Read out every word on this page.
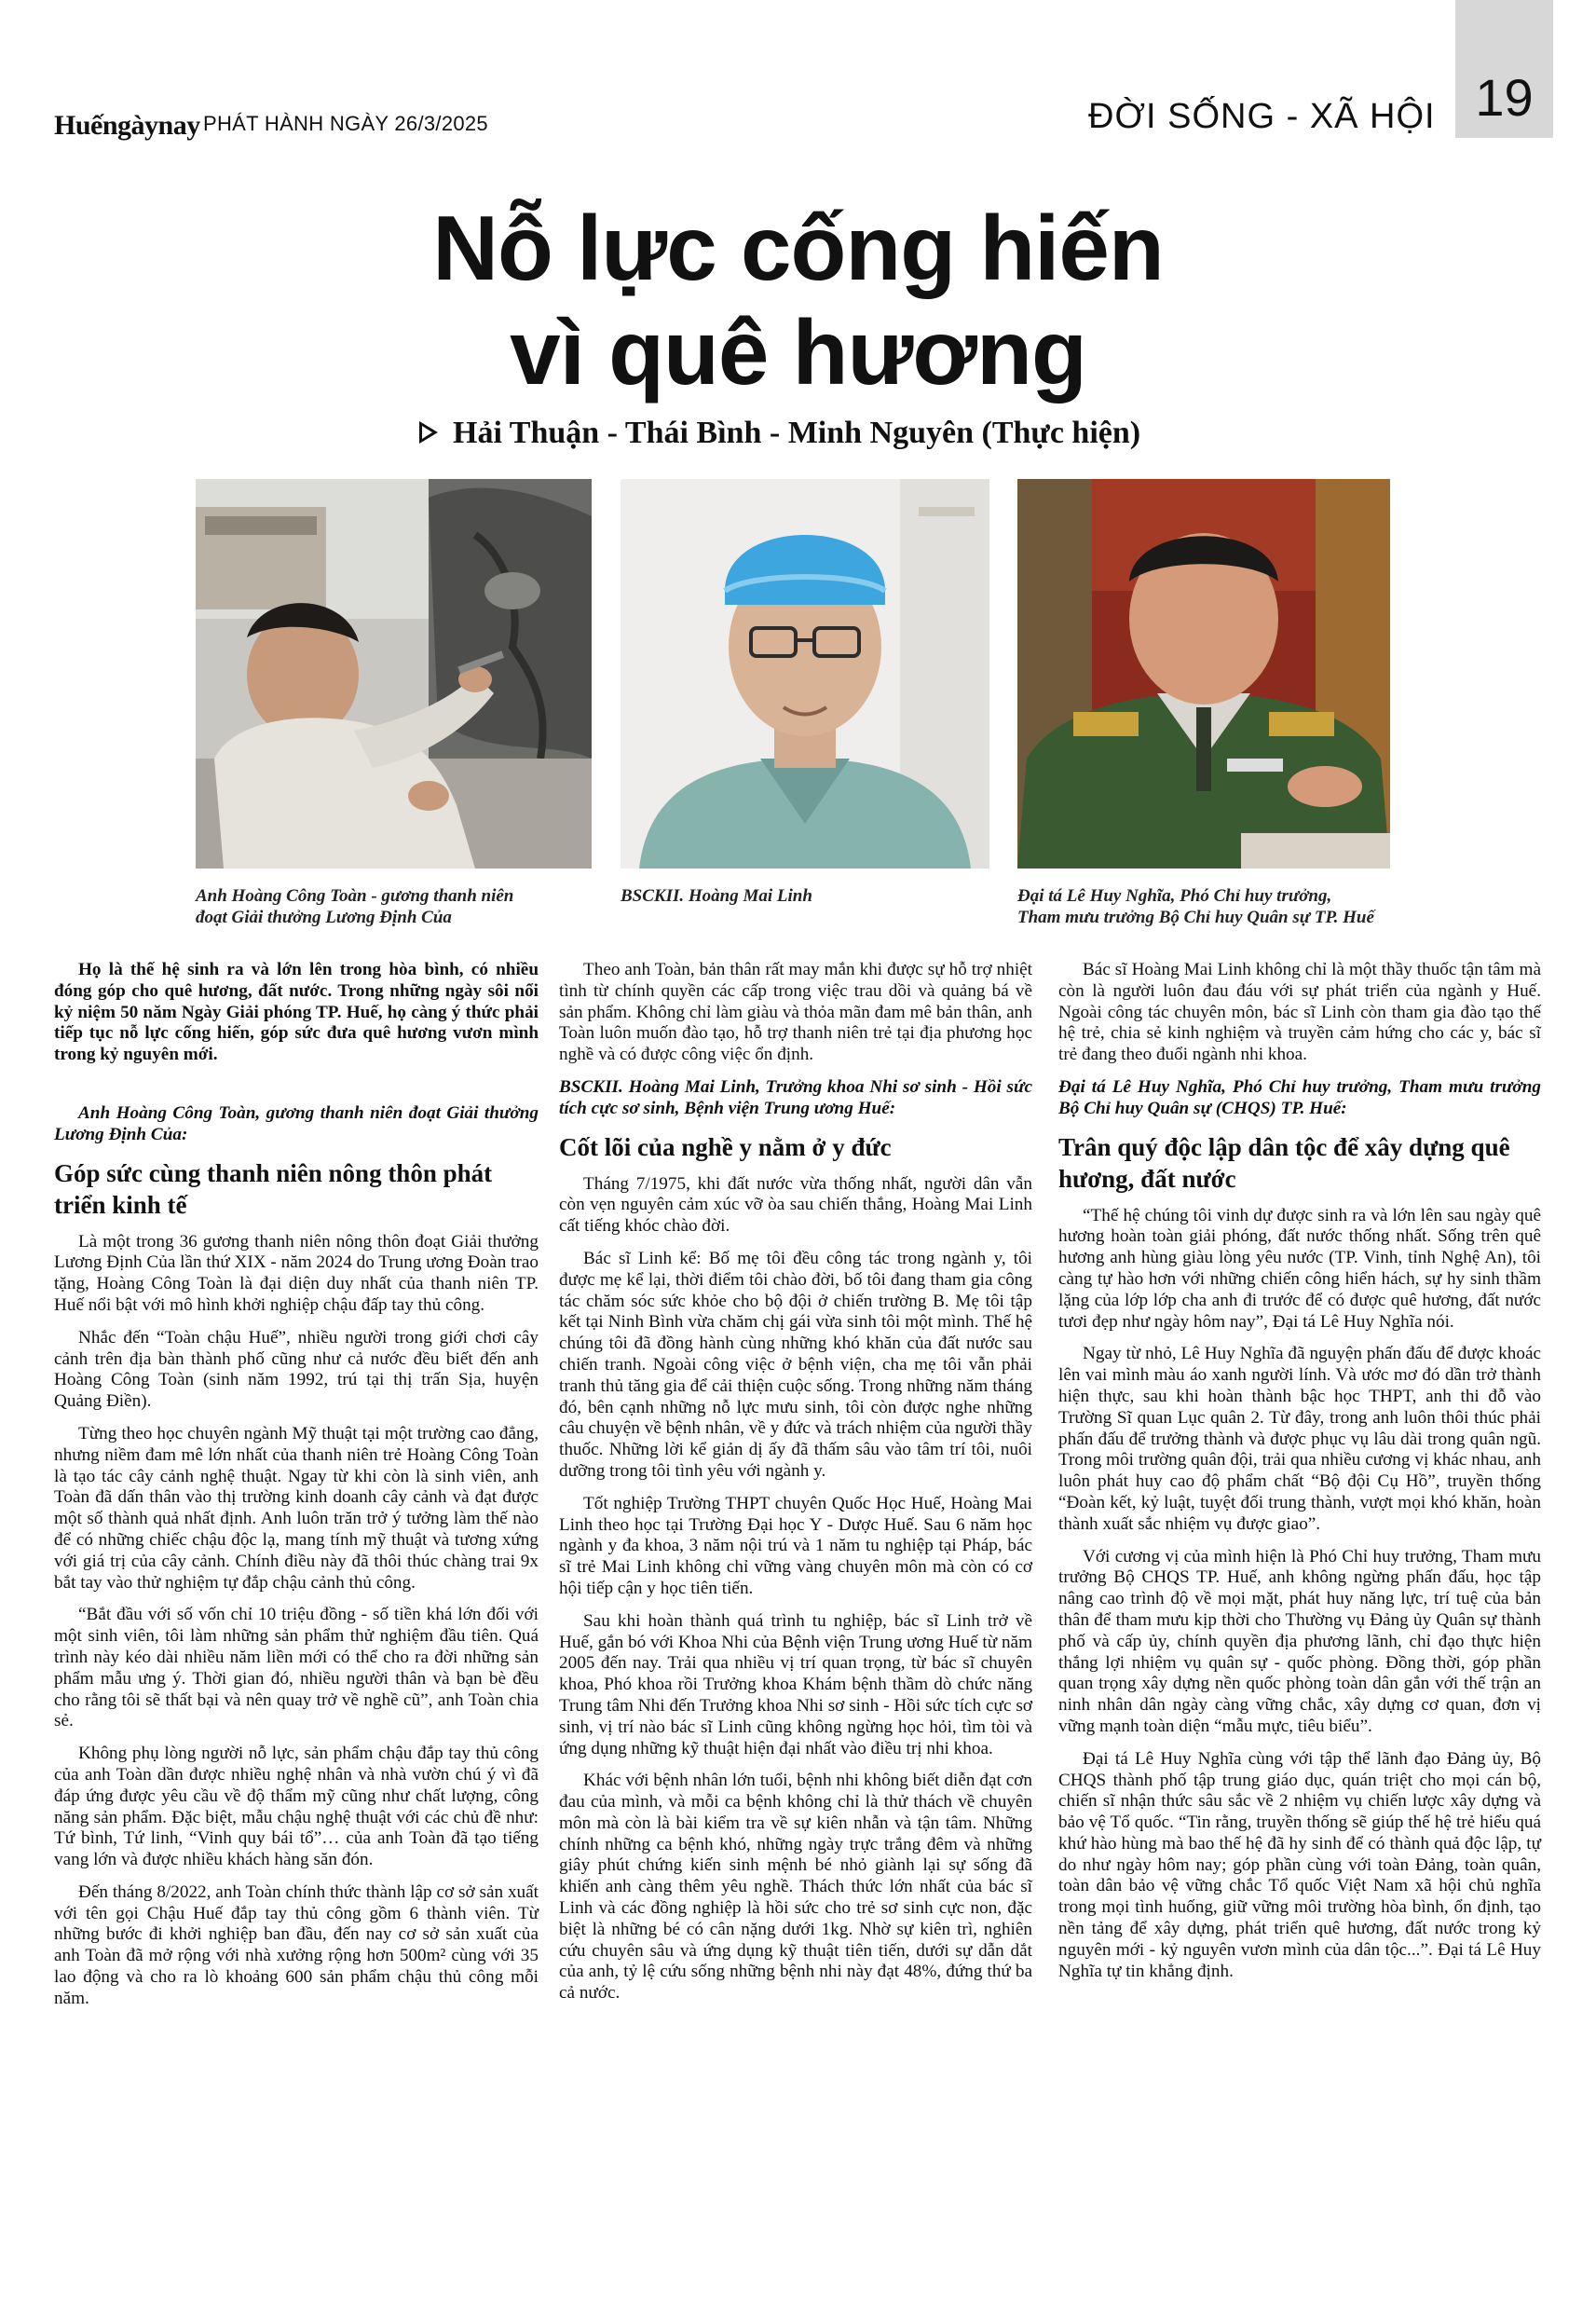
Huếngàynay PHÁT HÀNH NGÀY 26/3/2025	ĐỜI SỐNG - XÃ HỘI 19
Nỗ lực cống hiến
vì quê hương
Hải Thuận - Thái Bình - Minh Nguyên (Thực hiện)
Anh Hoàng Công Toàn - gương thanh niên
đoạt Giải thưởng Lương Định Của
BSCKII. Hoàng Mai Linh	Đại tá Lê Huy Nghĩa, Phó Chỉ huy trưởng,
Tham mưu trưởng Bộ Chỉ huy Quân sự TP. Huế

Họ là thế hệ sinh ra và lớn lên trong hòa bình, có nhiều đóng góp cho quê hương, đất nước. Trong những ngày sôi nổi kỷ niệm 50 năm Ngày Giải phóng TP. Huế, họ càng ý thức phải tiếp tục nỗ lực cống hiến, góp sức đưa quê hương vươn mình trong kỷ nguyên mới.

Anh Hoàng Công Toàn, gương thanh niên đoạt Giải thưởng Lương Định Của:

Góp sức cùng thanh niên nông thôn phát triển kinh tế

Là một trong 36 gương thanh niên nông thôn đoạt Giải thưởng Lương Định Của lần thứ XIX - năm 2024 do Trung ương Đoàn trao tặng, Hoàng Công Toàn là đại diện duy nhất của thanh niên TP. Huế nổi bật với mô hình khởi nghiệp chậu đấp tay thủ công.

Nhắc đến “Toàn chậu Huế”, nhiều người trong giới chơi cây cảnh trên địa bàn thành phố cũng như cả nước đều biết đến anh Hoàng Công Toàn (sinh năm 1992, trú tại thị trấn Sịa, huyện Quảng Điền).

Từng theo học chuyên ngành Mỹ thuật tại một trường cao đẳng, nhưng niềm đam mê lớn nhất của thanh niên trẻ Hoàng Công Toàn là tạo tác cây cảnh nghệ thuật. Ngay từ khi còn là sinh viên, anh Toàn đã dấn thân vào thị trường kinh doanh cây cảnh và đạt được một số thành quả nhất định. Anh luôn trăn trở ý tưởng làm thế nào để có những chiếc chậu độc lạ, mang tính mỹ thuật và tương xứng với giá trị của cây cảnh. Chính điều này đã thôi thúc chàng trai 9x bắt tay vào thử nghiệm tự đắp chậu cảnh thủ công.

“Bắt đầu với số vốn chỉ 10 triệu đồng - số tiền khá lớn đối với một sinh viên, tôi làm những sản phẩm thử nghiệm đầu tiên. Quá trình này kéo dài nhiều năm liền mới có thể cho ra đời những sản phẩm mẫu ưng ý. Thời gian đó, nhiều người thân và bạn bè đều cho rằng tôi sẽ thất bại và nên quay trở về nghề cũ”, anh Toàn chia sẻ.

Không phụ lòng người nỗ lực, sản phẩm chậu đắp tay thủ công của anh Toàn dần được nhiều nghệ nhân và nhà vườn chú ý vì đã đáp ứng được yêu cầu về độ thẩm mỹ cũng như chất lượng, công năng sản phẩm. Đặc biệt, mẫu chậu nghệ thuật với các chủ đề như: Tứ bình, Tứ linh, “Vinh quy bái tổ”… của anh Toàn đã tạo tiếng vang lớn và được nhiều khách hàng săn đón.

Đến tháng 8/2022, anh Toàn chính thức thành lập cơ sở sản xuất với tên gọi Chậu Huế đắp tay thủ công gồm 6 thành viên. Từ những bước đi khởi nghiệp ban đầu, đến nay cơ sở sản xuất của anh Toàn đã mở rộng với nhà xưởng rộng hơn 500m² cùng với 35 lao động và cho ra lò khoảng 600 sản phẩm chậu thủ công mỗi năm.

Theo anh Toàn, bản thân rất may mắn khi được sự hỗ trợ nhiệt tình từ chính quyền các cấp trong việc trau dồi và quảng bá về sản phẩm. Không chỉ làm giàu và thỏa mãn đam mê bản thân, anh Toàn luôn muốn đào tạo, hỗ trợ thanh niên trẻ tại địa phương học nghề và có được công việc ổn định.

BSCKII. Hoàng Mai Linh, Trưởng khoa Nhi sơ sinh - Hồi sức tích cực sơ sinh, Bệnh viện Trung ương Huế:

Cốt lõi của nghề y nằm ở y đức

Tháng 7/1975, khi đất nước vừa thống nhất, người dân vẫn còn vẹn nguyên cảm xúc vỡ òa sau chiến thắng, Hoàng Mai Linh cất tiếng khóc chào đời.

Bác sĩ Linh kể: Bố mẹ tôi đều công tác trong ngành y, tôi được mẹ kể lại, thời điểm tôi chào đời, bố tôi đang tham gia công tác chăm sóc sức khỏe cho bộ đội ở chiến trường B. Mẹ tôi tập kết tại Ninh Bình vừa chăm chị gái vừa sinh tôi một mình. Thế hệ chúng tôi đã đồng hành cùng những khó khăn của đất nước sau chiến tranh. Ngoài công việc ở bệnh viện, cha mẹ tôi vẫn phải tranh thủ tăng gia để cải thiện cuộc sống. Trong những năm tháng đó, bên cạnh những nỗ lực mưu sinh, tôi còn được nghe những câu chuyện về bệnh nhân, về y đức và trách nhiệm của người thầy thuốc. Những lời kể giản dị ấy đã thấm sâu vào tâm trí tôi, nuôi dưỡng trong tôi tình yêu với ngành y.

Tốt nghiệp Trường THPT chuyên Quốc Học Huế, Hoàng Mai Linh theo học tại Trường Đại học Y - Dược Huế. Sau 6 năm học ngành y đa khoa, 3 năm nội trú và 1 năm tu nghiệp tại Pháp, bác sĩ trẻ Mai Linh không chỉ vững vàng chuyên môn mà còn có cơ hội tiếp cận y học tiên tiến.

Sau khi hoàn thành quá trình tu nghiệp, bác sĩ Linh trở về Huế, gắn bó với Khoa Nhi của Bệnh viện Trung ương Huế từ năm 2005 đến nay. Trải qua nhiều vị trí quan trọng, từ bác sĩ chuyên khoa, Phó khoa rồi Trưởng khoa Khám bệnh thầm dò chức năng Trung tâm Nhi đến Trưởng khoa Nhi sơ sinh - Hồi sức tích cực sơ sinh, vị trí nào bác sĩ Linh cũng không ngừng học hỏi, tìm tòi và ứng dụng những kỹ thuật hiện đại nhất vào điều trị nhi khoa.

Khác với bệnh nhân lớn tuổi, bệnh nhi không biết diễn đạt cơn đau của mình, và mỗi ca bệnh không chỉ là thử thách về chuyên môn mà còn là bài kiểm tra về sự kiên nhẫn và tận tâm. Những chính những ca bệnh khó, những ngày trực trắng đêm và những giây phút chứng kiến sinh mệnh bé nhỏ giành lại sự sống đã khiến anh càng thêm yêu nghề. Thách thức lớn nhất của bác sĩ Linh và các đồng nghiệp là hồi sức cho trẻ sơ sinh cực non, đặc biệt là những bé có cân nặng dưới 1kg. Nhờ sự kiên trì, nghiên cứu chuyên sâu và ứng dụng kỹ thuật tiên tiến, dưới sự dẫn dắt của anh, tỷ lệ cứu sống những bệnh nhi này đạt 48%, đứng thứ ba cả nước.

Bác sĩ Hoàng Mai Linh không chỉ là một thầy thuốc tận tâm mà còn là người luôn đau đáu với sự phát triển của ngành y Huế. Ngoài công tác chuyên môn, bác sĩ Linh còn tham gia đào tạo thế hệ trẻ, chia sẻ kinh nghiệm và truyền cảm hứng cho các y, bác sĩ trẻ đang theo đuổi ngành nhi khoa.

Đại tá Lê Huy Nghĩa, Phó Chỉ huy trưởng, Tham mưu trưởng Bộ Chỉ huy Quân sự (CHQS) TP. Huế:

Trân quý độc lập dân tộc để xây dựng quê hương, đất nước

“Thế hệ chúng tôi vinh dự được sinh ra và lớn lên sau ngày quê hương hoàn toàn giải phóng, đất nước thống nhất. Sống trên quê hương anh hùng giàu lòng yêu nước (TP. Vinh, tỉnh Nghệ An), tôi càng tự hào hơn với những chiến công hiển hách, sự hy sinh thầm lặng của lớp lớp cha anh đi trước để có được quê hương, đất nước tươi đẹp như ngày hôm nay”, Đại tá Lê Huy Nghĩa nói.

Ngay từ nhỏ, Lê Huy Nghĩa đã nguyện phấn đấu để được khoác lên vai mình màu áo xanh người lính. Và ước mơ đó dần trở thành hiện thực, sau khi hoàn thành bậc học THPT, anh thi đỗ vào Trường Sĩ quan Lục quân 2. Từ đây, trong anh luôn thôi thúc phải phấn đấu để trưởng thành và được phục vụ lâu dài trong quân ngũ. Trong môi trường quân đội, trải qua nhiều cương vị khác nhau, anh luôn phát huy cao độ phẩm chất “Bộ đội Cụ Hồ”, truyền thống “Đoàn kết, kỷ luật, tuyệt đối trung thành, vượt mọi khó khăn, hoàn thành xuất sắc nhiệm vụ được giao”.

Với cương vị của mình hiện là Phó Chỉ huy trưởng, Tham mưu trưởng Bộ CHQS TP. Huế, anh không ngừng phấn đấu, học tập nâng cao trình độ về mọi mặt, phát huy năng lực, trí tuệ của bản thân để tham mưu kịp thời cho Thường vụ Đảng ủy Quân sự thành phố và cấp ủy, chính quyền địa phương lãnh, chỉ đạo thực hiện thắng lợi nhiệm vụ quân sự - quốc phòng. Đồng thời, góp phần quan trọng xây dựng nền quốc phòng toàn dân gắn với thế trận an ninh nhân dân ngày càng vững chắc, xây dựng cơ quan, đơn vị vững mạnh toàn diện “mẫu mực, tiêu biểu”.

Đại tá Lê Huy Nghĩa cùng với tập thể lãnh đạo Đảng ủy, Bộ CHQS thành phố tập trung giáo dục, quán triệt cho mọi cán bộ, chiến sĩ nhận thức sâu sắc về 2 nhiệm vụ chiến lược xây dựng và bảo vệ Tổ quốc. “Tin rằng, truyền thống sẽ giúp thế hệ trẻ hiểu quá khứ hào hùng mà bao thế hệ đã hy sinh để có thành quả độc lập, tự do như ngày hôm nay; góp phần cùng với toàn Đảng, toàn quân, toàn dân bảo vệ vững chắc Tổ quốc Việt Nam xã hội chủ nghĩa trong mọi tình huống, giữ vững môi trường hòa bình, ổn định, tạo nền tảng để xây dựng, phát triển quê hương, đất nước trong kỷ nguyên mới - kỷ nguyên vươn mình của dân tộc...”. Đại tá Lê Huy Nghĩa tự tin khẳng định.
